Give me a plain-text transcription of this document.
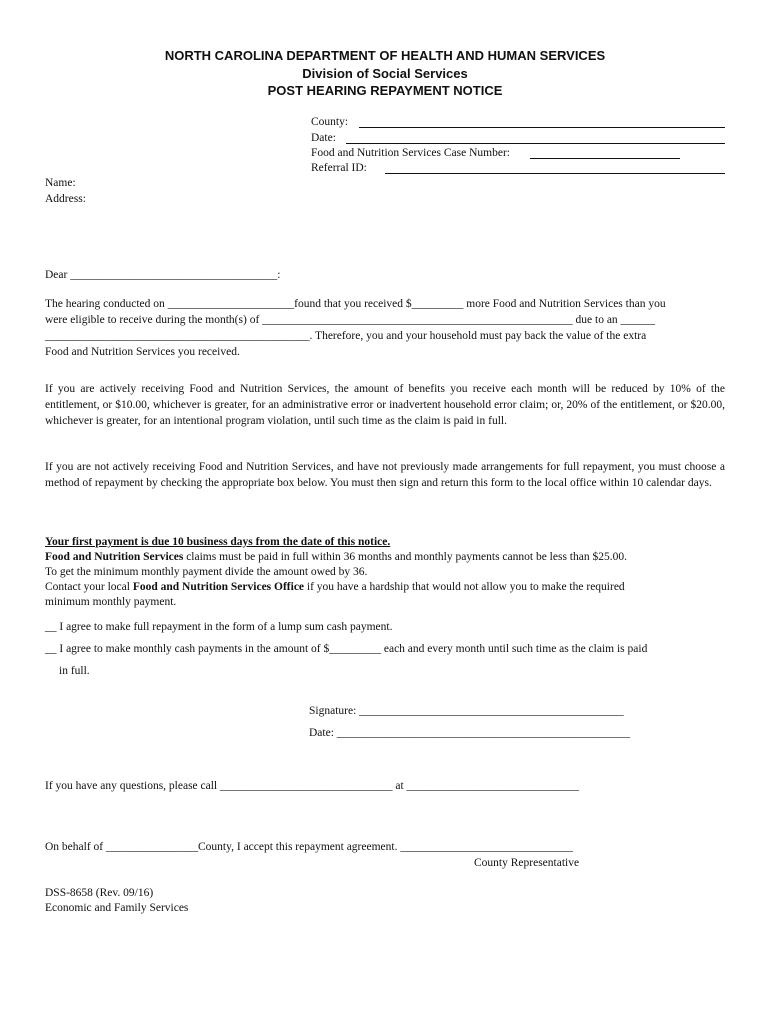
NORTH CAROLINA DEPARTMENT OF HEALTH AND HUMAN SERVICES
Division of Social Services
POST HEARING REPAYMENT NOTICE
County:
Date:
Food and Nutrition Services Case Number:
Referral ID:
Name:
Address:
Dear ____________________________________:
The hearing conducted on ______________________found that you received $_________ more Food and Nutrition Services than you
were eligible to receive during the month(s) of ______________________________________________________ due to an ______
______________________________________________. Therefore, you and your household must pay back the value of the extra
Food and Nutrition Services you received.
If you are actively receiving Food and Nutrition Services, the amount of benefits you receive each month will be reduced by 10% of the entitlement, or $10.00, whichever is greater, for an administrative error or inadvertent household error claim; or, 20% of the entitlement, or $20.00, whichever is greater, for an intentional program violation, until such time as the claim is paid in full.
If you are not actively receiving Food and Nutrition Services, and have not previously made arrangements for full repayment, you must choose a method of repayment by checking the appropriate box below. You must then sign and return this form to the local office within 10 calendar days.
Your first payment is due 10 business days from the date of this notice.
Food and Nutrition Services claims must be paid in full within 36 months and monthly payments cannot be less than $25.00.
To get the minimum monthly payment divide the amount owed by 36.
Contact your local Food and Nutrition Services Office if you have a hardship that would not allow you to make the required
minimum monthly payment.
__ I agree to make full repayment in the form of a lump sum cash payment.
__ I agree to make monthly cash payments in the amount of $_________ each and every month until such time as the claim is paid
in full.
Signature: ______________________________________________
Date: ___________________________________________________
If you have any questions, please call ______________________________ at ______________________________
On behalf of ________________County, I accept this repayment agreement. ______________________________
County Representative
DSS-8658 (Rev. 09/16)
Economic and Family Services
